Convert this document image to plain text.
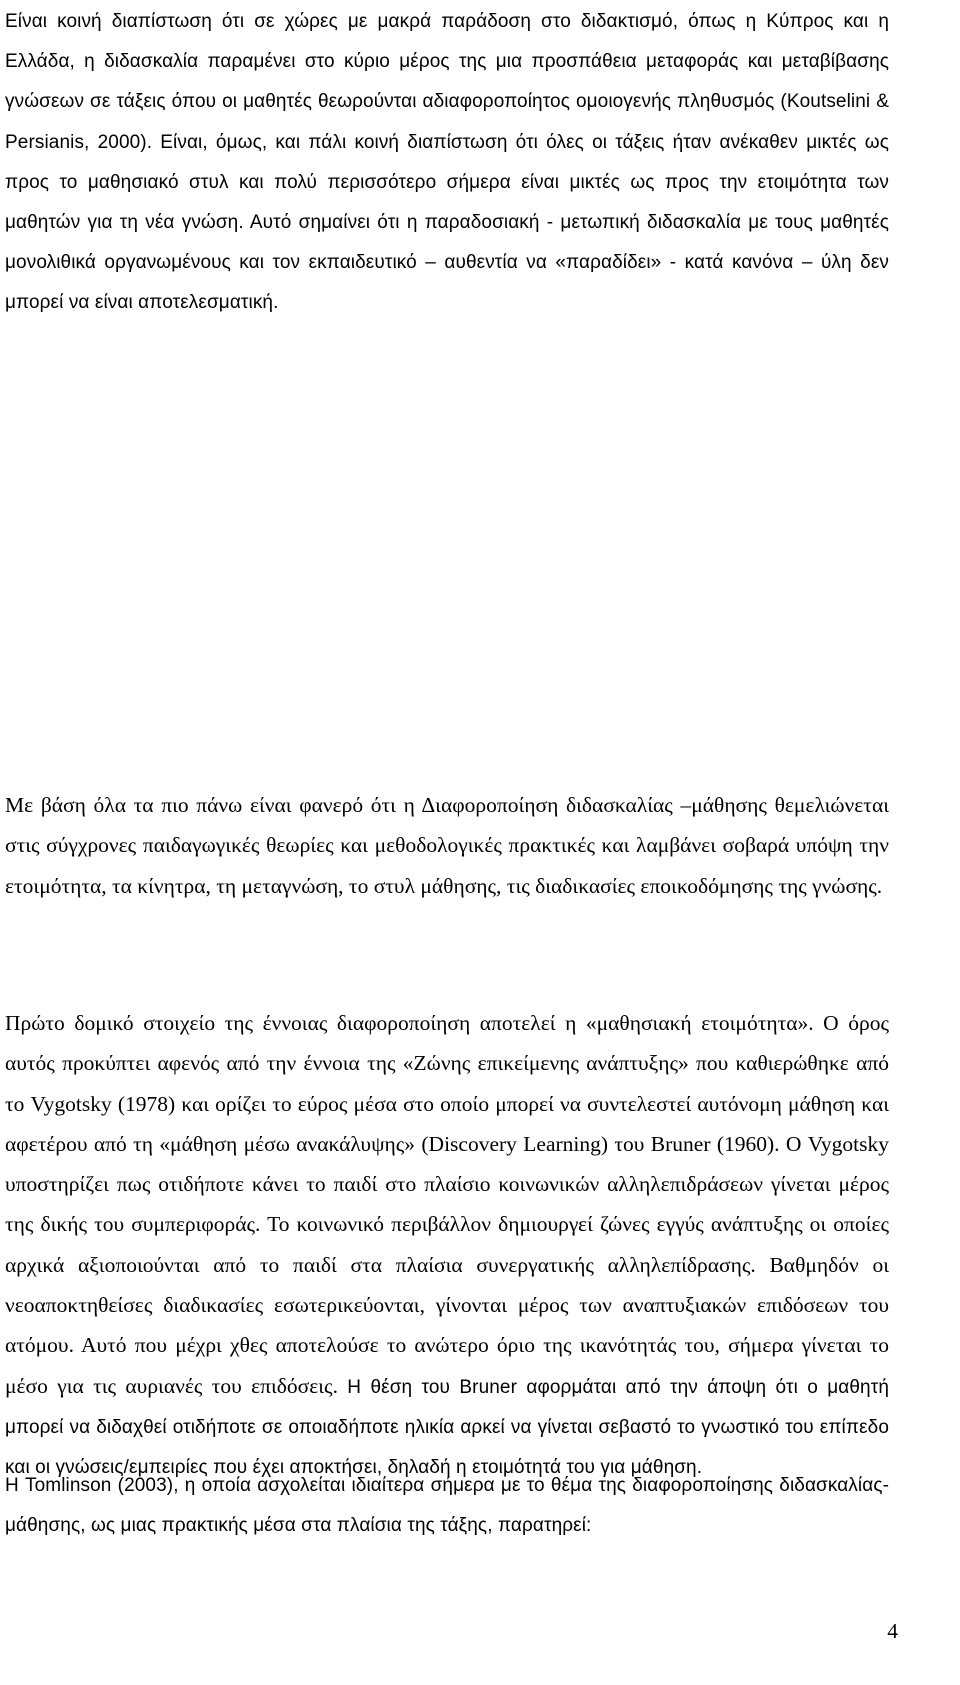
Είναι κοινή διαπίστωση ότι σε χώρες με μακρά παράδοση στο διδακτισμό, όπως η Κύπρος και η Ελλάδα, η διδασκαλία παραμένει στο κύριο μέρος της μια προσπάθεια μεταφοράς και μεταβίβασης γνώσεων σε τάξεις όπου οι μαθητές θεωρούνται αδιαφοροποίητος ομοιογενής πληθυσμός (Koutselini & Persianis, 2000). Είναι, όμως, και πάλι κοινή διαπίστωση ότι όλες οι τάξεις ήταν ανέκαθεν μικτές ως προς το μαθησιακό στυλ και πολύ περισσότερο σήμερα είναι μικτές ως προς την ετοιμότητα των μαθητών για τη νέα γνώση. Αυτό σημαίνει ότι η παραδοσιακή - μετωπική διδασκαλία με τους μαθητές μονολιθικά οργανωμένους και τον εκπαιδευτικό – αυθεντία να «παραδίδει» - κατά κανόνα – ύλη δεν μπορεί να είναι αποτελεσματική.

Με βάση όλα τα πιο πάνω είναι φανερό ότι η Διαφοροποίηση διδασκαλίας –μάθησης θεμελιώνεται στις σύγχρονες παιδαγωγικές θεωρίες και μεθοδολογικές πρακτικές και λαμβάνει σοβαρά υπόψη την ετοιμότητα, τα κίνητρα, τη μεταγνώση, το στυλ μάθησης, τις διαδικασίες εποικοδόμησης της γνώσης.

Πρώτο δομικό στοιχείο της έννοιας διαφοροποίηση αποτελεί η «μαθησιακή ετοιμότητα». Ο όρος αυτός προκύπτει αφενός από την έννοια της «Ζώνης επικείμενης ανάπτυξης» που καθιερώθηκε από το Vygotsky (1978) και ορίζει το εύρος μέσα στο οποίο μπορεί να συντελεστεί αυτόνομη μάθηση και αφετέρου από τη «μάθηση μέσω ανακάλυψης» (Discovery Learning) του Bruner (1960). Ο Vygotsky υποστηρίζει πως οτιδήποτε κάνει το παιδί στο πλαίσιο κοινωνικών αλληλεπιδράσεων γίνεται μέρος της δικής του συμπεριφοράς. Το κοινωνικό περιβάλλον δημιουργεί ζώνες εγγύς ανάπτυξης οι οποίες αρχικά αξιοποιούνται από το παιδί στα πλαίσια συνεργατικής αλληλεπίδρασης. Βαθμηδόν οι νεοαποκτηθείσες διαδικασίες εσωτερικεύονται, γίνονται μέρος των αναπτυξιακών επιδόσεων του ατόμου. Αυτό που μέχρι χθες αποτελούσε το ανώτερο όριο της ικανότητάς του, σήμερα γίνεται το μέσο για τις αυριανές του επιδόσεις. Η θέση του Bruner αφορμάται από την άποψη ότι ο μαθητή μπορεί να διδαχθεί οτιδήποτε σε οποιαδήποτε ηλικία αρκεί να γίνεται σεβαστό το γνωστικό του επίπεδο και οι γνώσεις/εμπειρίες που έχει αποκτήσει, δηλαδή η ετοιμότητά του για μάθηση.

Η Tomlinson (2003), η οποία ασχολείται ιδιαίτερα σήμερα με το θέμα της διαφοροποίησης διδασκαλίας-μάθησης, ως μιας πρακτικής μέσα στα πλαίσια της τάξης, παρατηρεί:

4
